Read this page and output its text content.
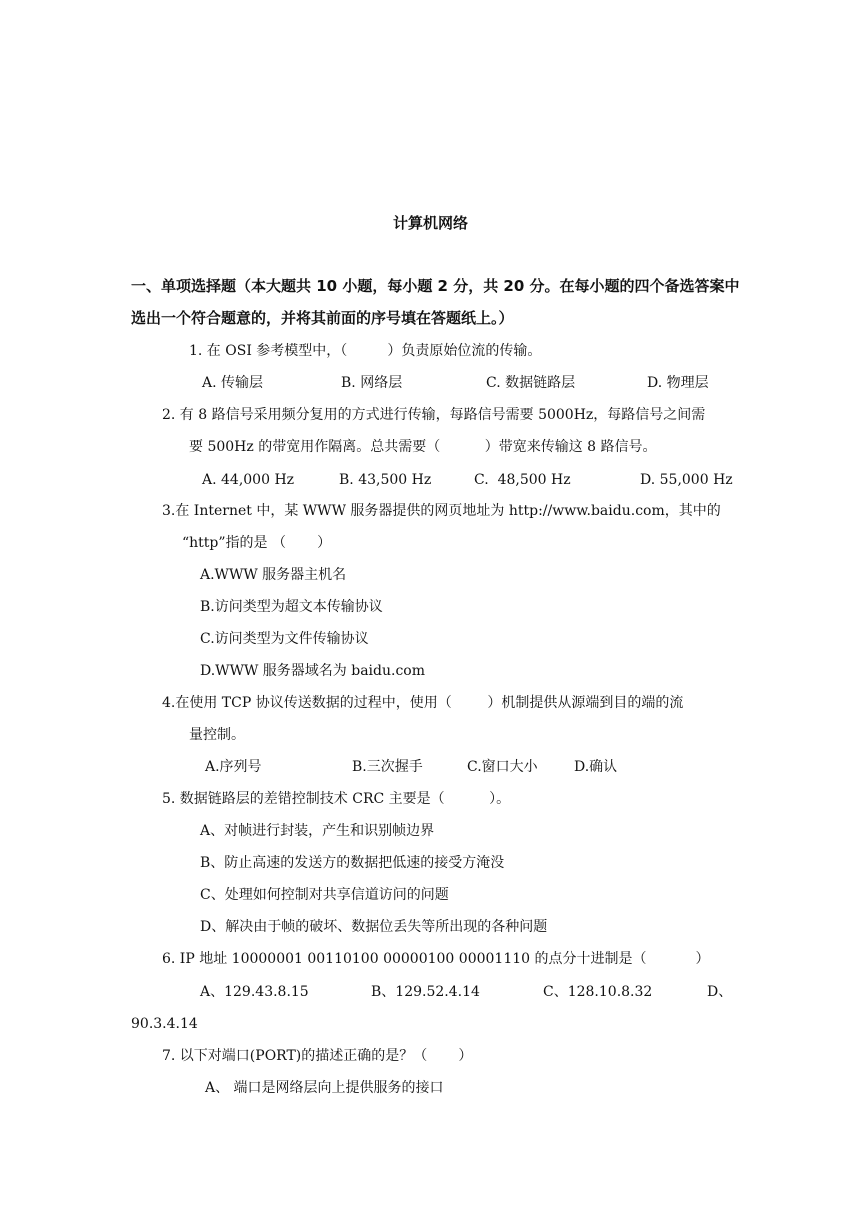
计算机网络
一、单项选择题（本大题共 10 小题，每小题 2 分，共 20 分。在每小题的四个备选答案中
选出一个符合题意的，并将其前面的序号填在答题纸上。）
1. 在 OSI 参考模型中，（         ）负责原始位流的传输。
A. 传输层	B. 网络层	C. 数据链路层	D. 物理层
2. 有 8 路信号采用频分复用的方式进行传输，每路信号需要 5000Hz，每路信号之间需
要 500Hz 的带宽用作隔离。总共需要（          ）带宽来传输这 8 路信号。
A. 44,000 Hz	B. 43,500 Hz	C.  48,500 Hz	D. 55,000 Hz
3.在 Internet 中，某 WWW 服务器提供的网页地址为 http://www.baidu.com，其中的
“http”指的是 （       ）
A.WWW 服务器主机名
B.访问类型为超文本传输协议
C.访问类型为文件传输协议
D.WWW 服务器域名为 baidu.com
4.在使用 TCP 协议传送数据的过程中，使用（        ）机制提供从源端到目的端的流
量控制。
A.序列号	B.三次握手	C.窗口大小	D.确认
5. 数据链路层的差错控制技术 CRC 主要是（          ）。
A、对帧进行封装，产生和识别帧边界
B、防止高速的发送方的数据把低速的接受方淹没
C、处理如何控制对共享信道访问的问题
D、解决由于帧的破坏、数据位丢失等所出现的各种问题
6. IP 地址 10000001 00110100 00000100 00001110 的点分十进制是（           ）
A、129.43.8.15	B、129.52.4.14	C、128.10.8.32	D、
90.3.4.14
7. 以下对端口(PORT)的描述正确的是？（       ）
A、 端口是网络层向上提供服务的接口
